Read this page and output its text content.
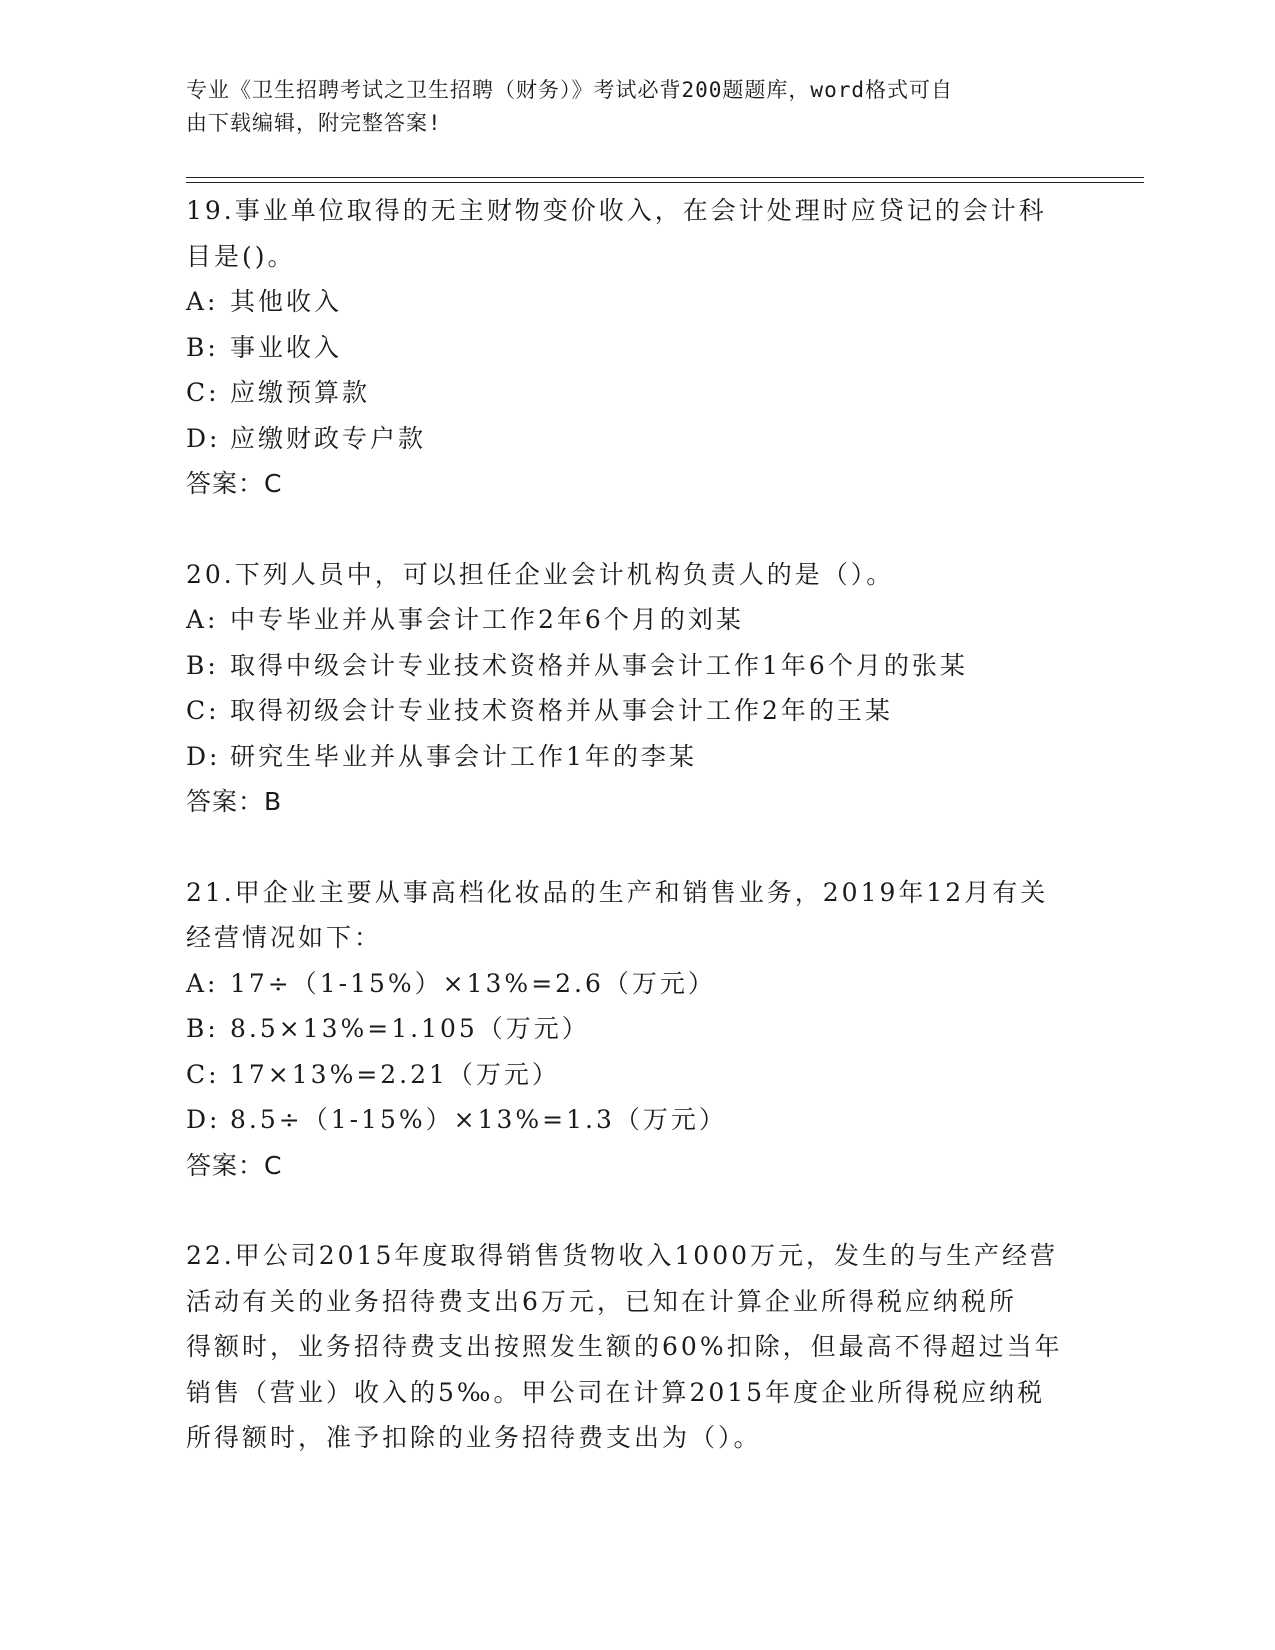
专业《卫生招聘考试之卫生招聘（财务）》考试必背200题题库，word格式可自
由下载编辑，附完整答案!
19.事业单位取得的无主财物变价收入，在会计处理时应贷记的会计科
目是()。
A: 其他收入
B: 事业收入
C: 应缴预算款
D: 应缴财政专户款
答案：C
20.下列人员中，可以担任企业会计机构负责人的是（）。
A: 中专毕业并从事会计工作2年6个月的刘某
B: 取得中级会计专业技术资格并从事会计工作1年6个月的张某
C: 取得初级会计专业技术资格并从事会计工作2年的王某
D: 研究生毕业并从事会计工作1年的李某
答案：B
21.甲企业主要从事高档化妆品的生产和销售业务，2019年12月有关
经营情况如下：
A: 17÷（1-15%）×13%=2.6（万元）
B: 8.5×13%=1.105（万元）
C: 17×13%=2.21（万元）
D: 8.5÷（1-15%）×13%=1.3（万元）
答案：C
22.甲公司2015年度取得销售货物收入1000万元，发生的与生产经营
活动有关的业务招待费支出6万元，已知在计算企业所得税应纳税所
得额时，业务招待费支出按照发生额的60%扣除，但最高不得超过当年
销售（营业）收入的5‰。甲公司在计算2015年度企业所得税应纳税
所得额时，准予扣除的业务招待费支出为（）。
